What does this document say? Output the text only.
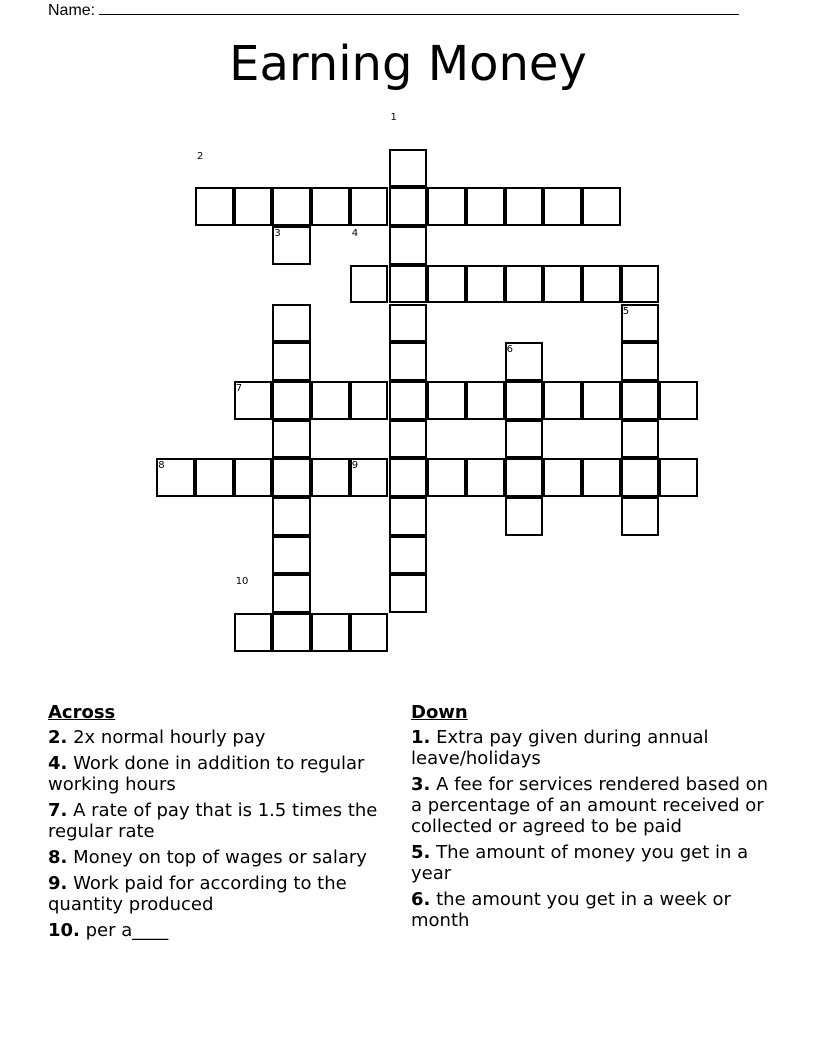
Name:
Earning Money
1
2
3	4
5
6
7
8	9
10
Across
2. 2x normal hourly pay
4. Work done in addition to regular working hours
7. A rate of pay that is 1.5 times the regular rate
8. Money on top of wages or salary
9. Work paid for according to the quantity produced
10. per a____
Down
1. Extra pay given during annual leave/holidays
3. A fee for services rendered based on a percentage of an amount received or collected or agreed to be paid
5. The amount of money you get in a year
6. the amount you get in a week or month
